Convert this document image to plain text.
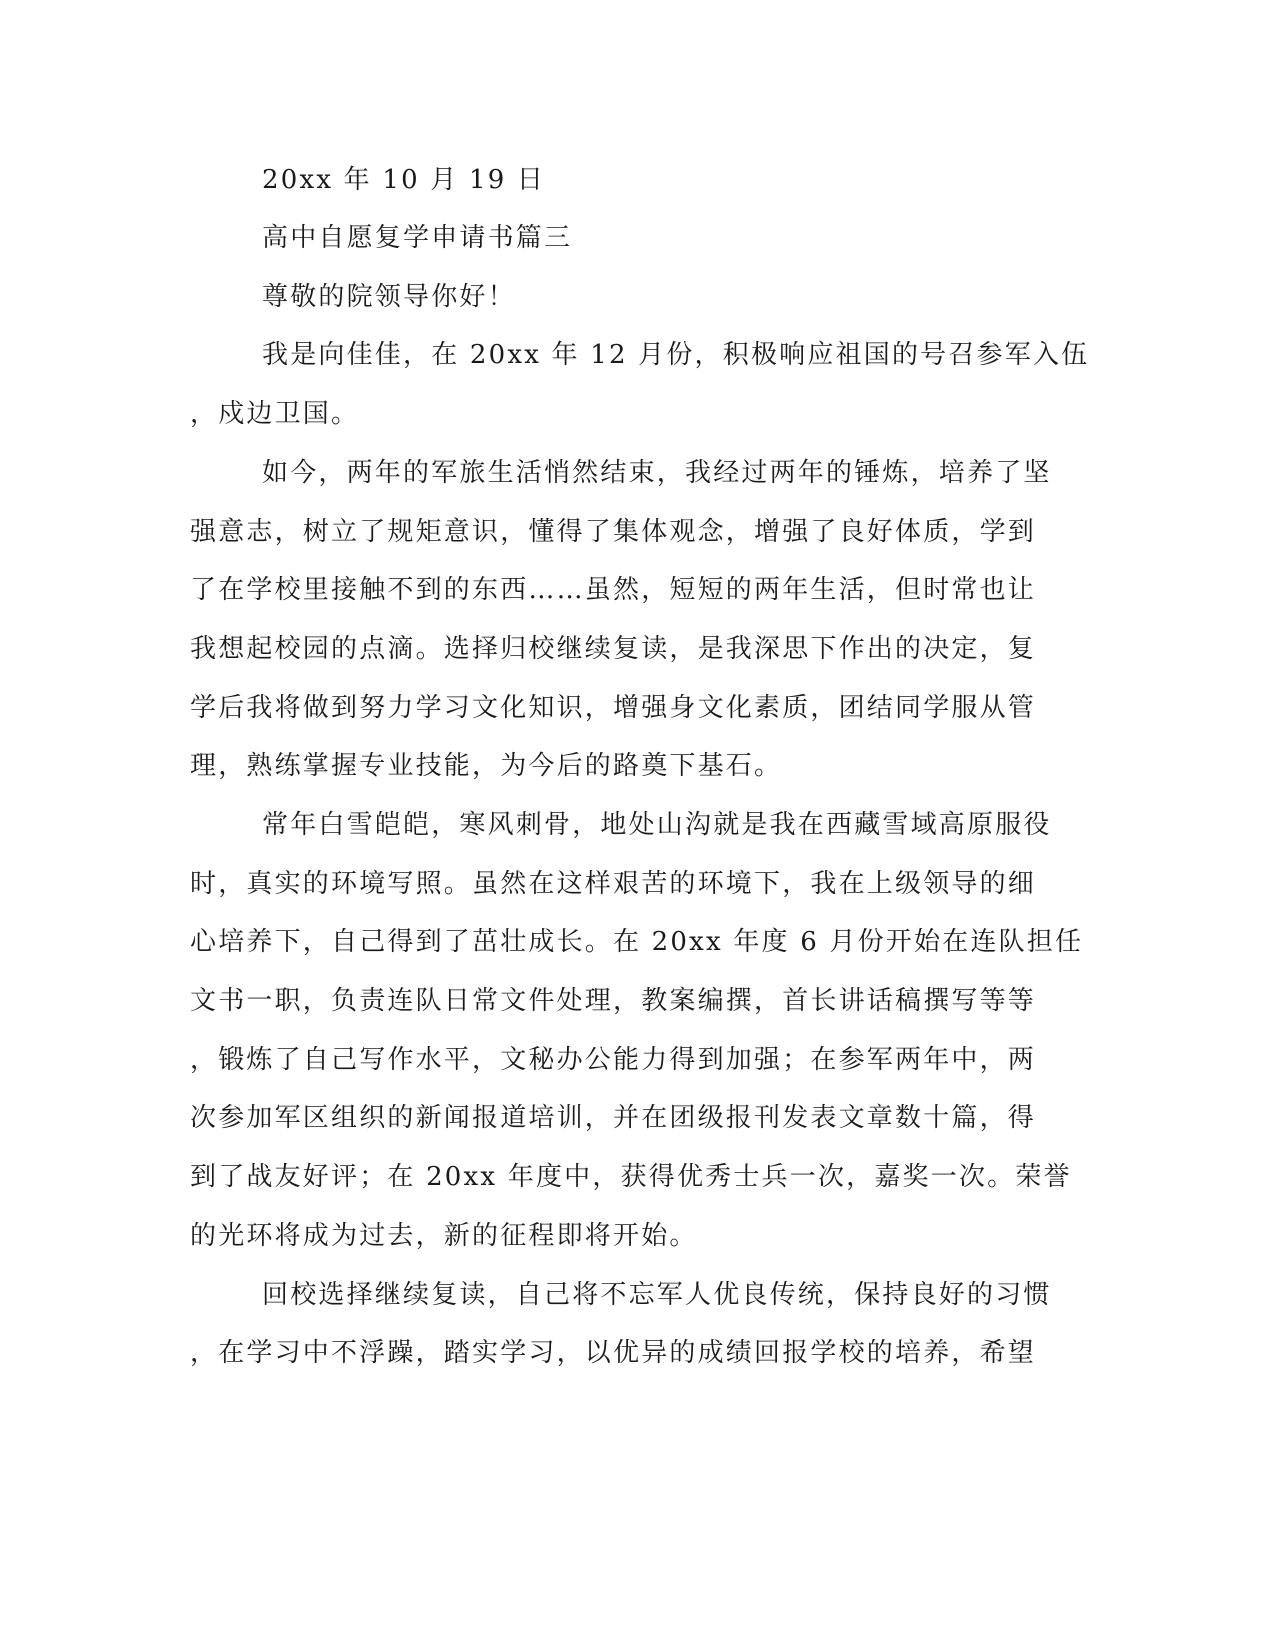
20xx 年 10 月 19 日
高中自愿复学申请书篇三
尊敬的院领导你好！
我是向佳佳，在 20xx 年 12 月份，积极响应祖国的号召参军入伍
，戍边卫国。
如今，两年的军旅生活悄然结束，我经过两年的锤炼，培养了坚
强意志，树立了规矩意识，懂得了集体观念，增强了良好体质，学到
了在学校里接触不到的东西……虽然，短短的两年生活，但时常也让
我想起校园的点滴。选择归校继续复读，是我深思下作出的决定，复
学后我将做到努力学习文化知识，增强身文化素质，团结同学服从管
理，熟练掌握专业技能，为今后的路奠下基石。
常年白雪皑皑，寒风刺骨，地处山沟就是我在西藏雪域高原服役
时，真实的环境写照。虽然在这样艰苦的环境下，我在上级领导的细
心培养下，自己得到了茁壮成长。在 20xx 年度 6 月份开始在连队担任
文书一职，负责连队日常文件处理，教案编撰，首长讲话稿撰写等等
，锻炼了自己写作水平，文秘办公能力得到加强；在参军两年中，两
次参加军区组织的新闻报道培训，并在团级报刊发表文章数十篇，得
到了战友好评；在 20xx 年度中，获得优秀士兵一次，嘉奖一次。荣誉
的光环将成为过去，新的征程即将开始。
回校选择继续复读，自己将不忘军人优良传统，保持良好的习惯
，在学习中不浮躁，踏实学习，以优异的成绩回报学校的培养，希望
